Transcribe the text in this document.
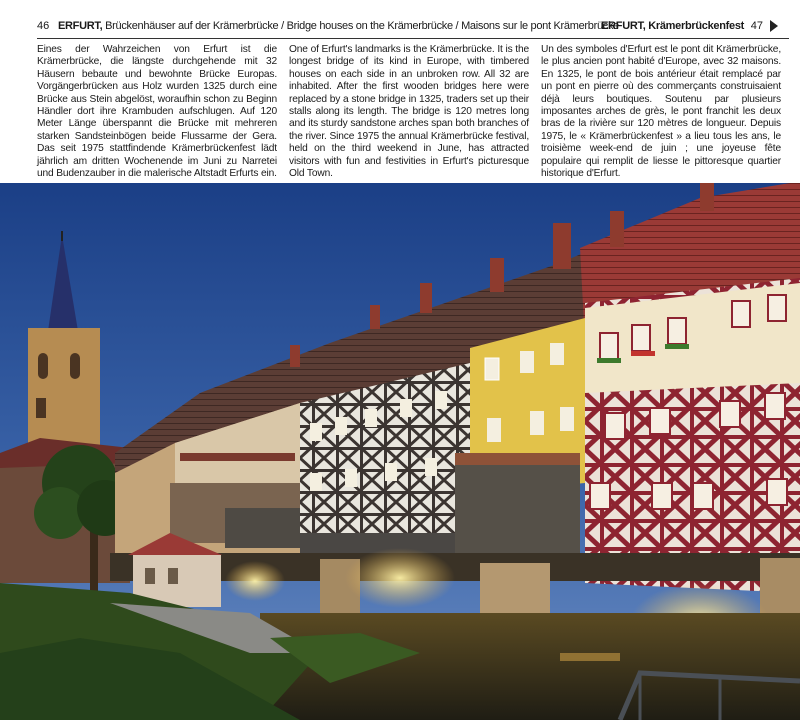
46 ERFURT, Brückenhäuser auf der Krämerbrücke / Bridge houses on the Krämerbrücke / Maisons sur le pont Krämerbrücke
ERFURT, Krämerbrückenfest 47
Eines der Wahrzeichen von Erfurt ist die Krämerbrücke, die längste durchgehende mit 32 Häusern bebaute und bewohnte Brücke Europas. Vorgängerbrücken aus Holz wurden 1325 durch eine Brücke aus Stein abgelöst, woraufhin schon zu Beginn Händler dort ihre Krambuden aufschlugen. Auf 120 Meter Länge überspannt die Brücke mit mehreren starken Sandsteinbögen beide Flussarme der Gera. Das seit 1975 stattfindende Krämerbrückenfest lädt jährlich am dritten Wochenende im Juni zu Narretei und Budenzauber in die malerische Altstadt Erfurts ein.
One of Erfurt's landmarks is the Krämerbrücke. It is the longest bridge of its kind in Europe, with timbered houses on each side in an unbroken row. All 32 are inhabited. After the first wooden bridges here were replaced by a stone bridge in 1325, traders set up their stalls along its length. The bridge is 120 metres long and its sturdy sandstone arches span both branches of the river. Since 1975 the annual Krämerbrücke festival, held on the third weekend in June, has attracted visitors with fun and festivities in Erfurt's picturesque Old Town.
Un des symboles d'Erfurt est le pont dit Krämerbrücke, le plus ancien pont habité d'Europe, avec 32 maisons. En 1325, le pont de bois antérieur était remplacé par un pont en pierre où des commerçants construisaient déjà leurs boutiques. Soutenu par plusieurs imposantes arches de grès, le pont franchit les deux bras de la rivière sur 120 mètres de longueur. Depuis 1975, le « Krämerbrückenfest » a lieu tous les ans, le troisième week-end de juin ; une joyeuse fête populaire qui remplit de liesse le pittoresque quartier historique d'Erfurt.
